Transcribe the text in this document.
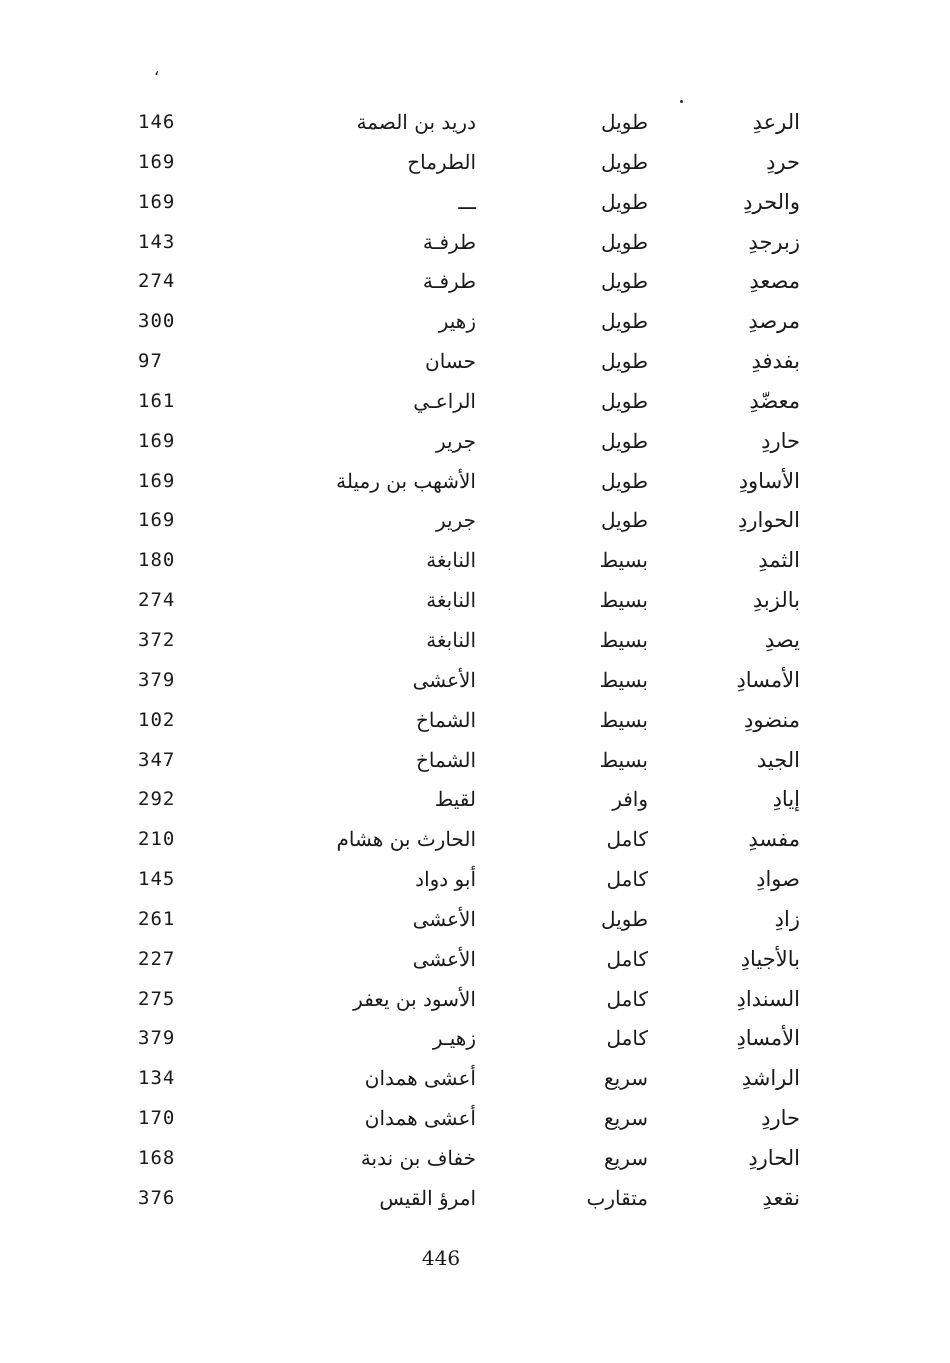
،
146	دريد بن الصمة	طويل	الرعدِ
169	الطرماح	طويل	حردِ
169	ـــ	طويل	والحردِ
143	طرفـة	طويل	زبرجدِ
274	طرفـة	طويل	مصعدِ
300	زهير	طويل	مرصدِ
97	حسان	طويل	بفدفدِ
161	الراعـي	طويل	معضّدِ
169	جرير	طويل	حاردِ
169	الأشهب بن رميلة	طويل	الأساودِ
169	جرير	طويل	الحواردِ
180	النابغة	بسيط	الثمدِ
274	النابغة	بسيط	بالزبدِ
372	النابغة	بسيط	يصدِ
379	الأعشى	بسيط	الأمسادِ
102	الشماخ	بسيط	منضودِ
347	الشماخ	بسيط	الجيد
292	لقيط	وافر	إيادِ
210	الحارث بن هشام	كامل	مفسدِ
145	أبو دواد	كامل	صوادِ
261	الأعشى	طويل	زادِ
227	الأعشى	كامل	بالأجيادِ
275	الأسود بن يعفر	كامل	السندادِ
379	زهيـر	كامل	الأمسادِ
134	أعشى همدان	سريع	الراشدِ
170	أعشى همدان	سريع	حاردِ
168	خفاف بن ندبة	سريع	الحاردِ
376	امرؤ القيس	متقارب	نقعدِ
446
